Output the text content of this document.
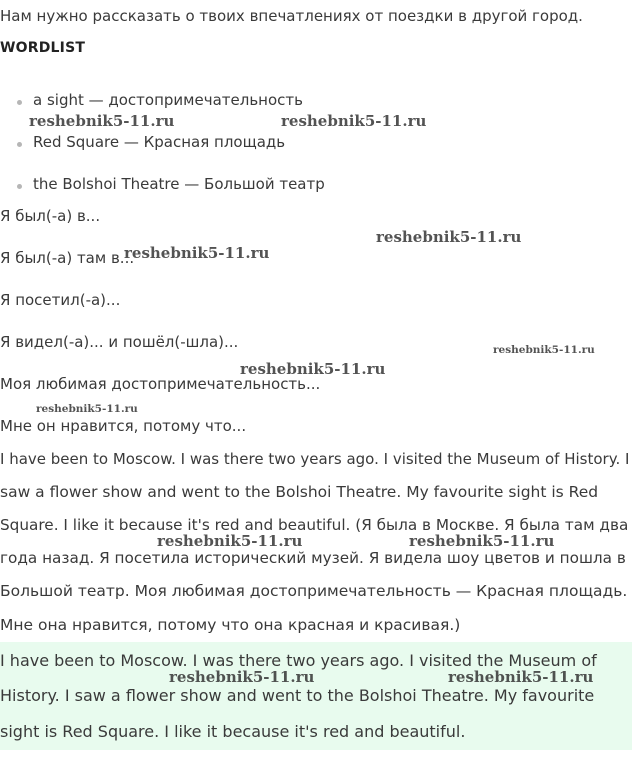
Нам нужно рассказать о твоих впечатлениях от поездки в другой город.
WORDLIST
a sight — достопримечательность
Red Square — Красная площадь
the Bolshoi Theatre — Большой театр
Я был(-а) в...
Я был(-а) там в...
Я посетил(-а)...
Я видел(-а)... и пошёл(-шла)...
Моя любимая достопримечательность...
Мне он нравится, потому что...
I have been to Moscow. I was there two years ago. I visited the Museum of History. I
saw a flower show and went to the Bolshoi Theatre. My favourite sight is Red
Square. I like it because it's red and beautiful. (Я была в Москве. Я была там два
года назад. Я посетила исторический музей. Я видела шоу цветов и пошла в
Большой театр. Моя любимая достопримечательность — Красная площадь.
Мне она нравится, потому что она красная и красивая.)
I have been to Moscow. I was there two years ago. I visited the Museum of
History. I saw a flower show and went to the Bolshoi Theatre. My favourite
sight is Red Square. I like it because it's red and beautiful.
reshebnik5-11.ru	reshebnik5-11.ru
reshebnik5-11.ru
reshebnik5-11.ru
reshebnik5-11.ru
reshebnik5-11.ru
reshebnik5-11.ru
reshebnik5-11.ru	reshebnik5-11.ru
reshebnik5-11.ru	reshebnik5-11.ru
